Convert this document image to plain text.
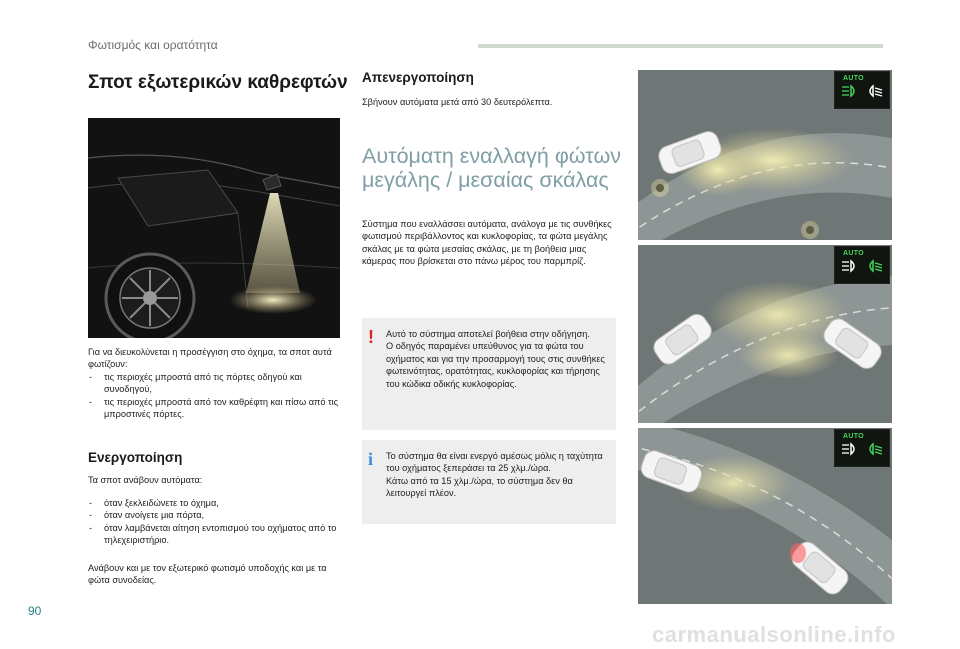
Φωτισμός και ορατότητα
Σποτ εξωτερικών καθρεφτών
Για να διευκολύνεται η προσέγγιση στο όχημα, τα σποτ αυτά φωτίζουν:
- τις περιοχές μπροστά από τις πόρτες οδηγού και συνοδηγού,
- τις περιοχές μπροστά από τον καθρέφτη και πίσω από τις μπροστινές πόρτες.
Ενεργοποίηση
Τα σποτ ανάβουν αυτόματα:
- όταν ξεκλειδώνετε το όχημα,
- όταν ανοίγετε μια πόρτα,
- όταν λαμβάνεται αίτηση εντοπισμού του οχήματος από το τηλεχειριστήριο.
Ανάβουν και με τον εξωτερικό φωτισμό υποδοχής και με τα φώτα συνοδείας.
Απενεργοποίηση
Σβήνουν αυτόματα μετά από 30 δευτερόλεπτα.
Αυτόματη εναλλαγή φώτων μεγάλης / μεσαίας σκάλας
Σύστημα που εναλλάσσει αυτόματα, ανάλογα με τις συνθήκες φωτισμού περιβάλλοντος και κυκλοφορίας, τα φώτα μεγάλης σκάλας με τα φώτα μεσαίας σκάλας, με τη βοήθεια μιας κάμερας που βρίσκεται στο πάνω μέρος του παρμπρίζ.
! Αυτό το σύστημα αποτελεί βοήθεια στην οδήγηση.
Ο οδηγός παραμένει υπεύθυνος για τα φώτα του οχήματος και για την προσαρμογή τους στις συνθήκες φωτεινότητας, ορατότητας, κυκλοφορίας και τήρησης του κώδικα οδικής κυκλοφορίας.
i Το σύστημα θα είναι ενεργό αμέσως μόλις η ταχύτητα του οχήματος ξεπεράσει τα 25 χλμ./ώρα.
Κάτω από τα 15 χλμ./ώρα, το σύστημα δεν θα λειτουργεί πλέον.
AUTO
AUTO
AUTO
90
carmanualsonline.info
